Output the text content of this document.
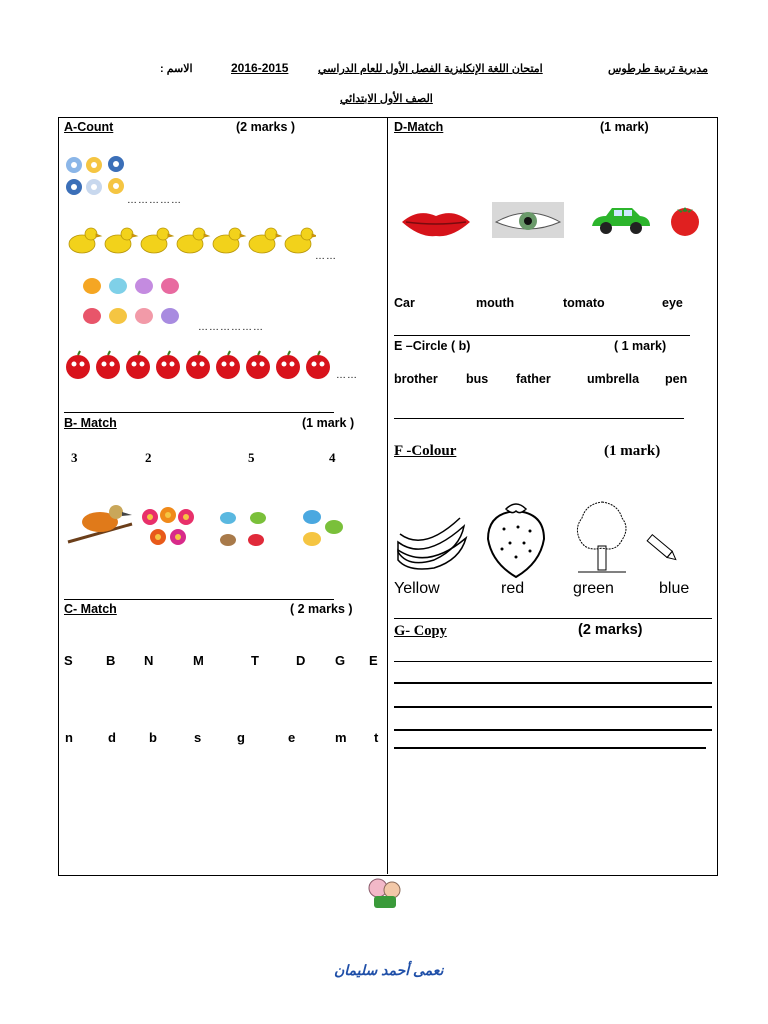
مديرية تربية طرطوس
امتحان اللغة الإنكليزية الفصل الأول للعام الدراسي
2016-2015
الاسم :
الصف الأول الابتدائي
A-Count	(2 marks )
……………
……
………………
……
B- Match	(1 mark )
3	2	5	4
C- Match	( 2 marks )
S	B N	M	T	D G E
n	d	b	s	g	e	m t
D-Match	(1 mark)
Car	mouth	tomato	eye
E –Circle ( b)	( 1 mark)
brother bus father	umbrella pen
F -Colour	(1 mark)
Yellow	red	green	blue
G- Copy	(2 marks)
نعمى أحمد سليمان
